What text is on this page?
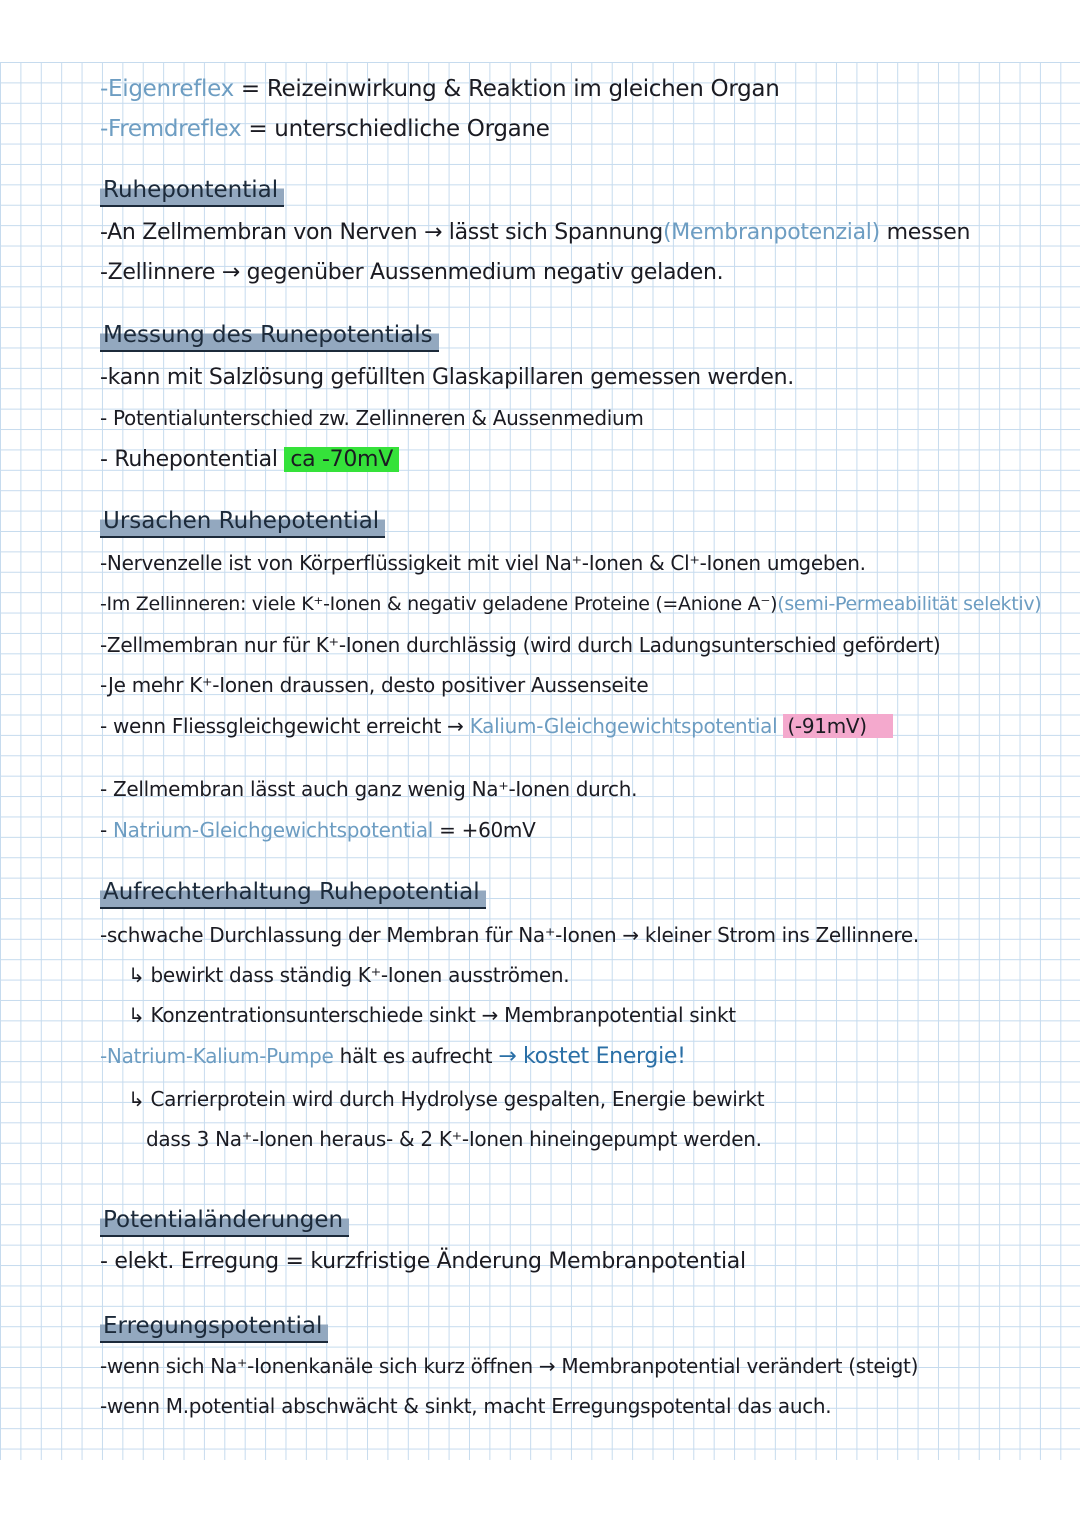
-Eigenreflex = Reizeinwirkung & Reaktion im gleichen Organ
-Fremdreflex = unterschiedliche Organe
Ruhepontential
-An Zellmembran von Nerven → lässt sich Spannung(Membranpotenzial) messen
-Zellinnere → gegenüber Aussenmedium negativ geladen.
Messung des Runepotentials
-kann mit Salzlösung gefüllten Glaskapillaren gemessen werden.
- Potentialunterschied zw. Zellinneren & Aussenmedium
- Ruhepontential ca -70mV
Ursachen Ruhepotential
-Nervenzelle ist von Körperflüssigkeit mit viel Na⁺-Ionen & Cl⁺-Ionen umgeben.
-Im Zellinneren: viele K⁺-Ionen & negativ geladene Proteine (=Anione A⁻)(semi-Permeabilität selektiv)
-Zellmembran nur für K⁺-Ionen durchlässig (wird durch Ladungsunterschied gefördert)
-Je mehr K⁺-Ionen draussen, desto positiver Aussenseite
- wenn Fliessgleichgewicht erreicht → Kalium-Gleichgewichtspotential (-91mV)
- Zellmembran lässt auch ganz wenig Na⁺-Ionen durch.
- Natrium-Gleichgewichtspotential = +60mV
Aufrechterhaltung Ruhepotential
-schwache Durchlassung der Membran für Na⁺-Ionen → kleiner Strom ins Zellinnere.
↳ bewirkt dass ständig K⁺-Ionen ausströmen.
↳ Konzentrationsunterschiede sinkt → Membranpotential sinkt
-Natrium-Kalium-Pumpe hält es aufrecht → kostet Energie!
↳ Carrierprotein wird durch Hydrolyse gespalten, Energie bewirkt
dass 3 Na⁺-Ionen heraus- & 2 K⁺-Ionen hineingepumpt werden.
Potentialänderungen
- elekt. Erregung = kurzfristige Änderung Membranpotential
Erregungspotential
-wenn sich Na⁺-Ionenkanäle sich kurz öffnen → Membranpotential verändert (steigt)
-wenn M.potential abschwächt & sinkt, macht Erregungspotental das auch.
